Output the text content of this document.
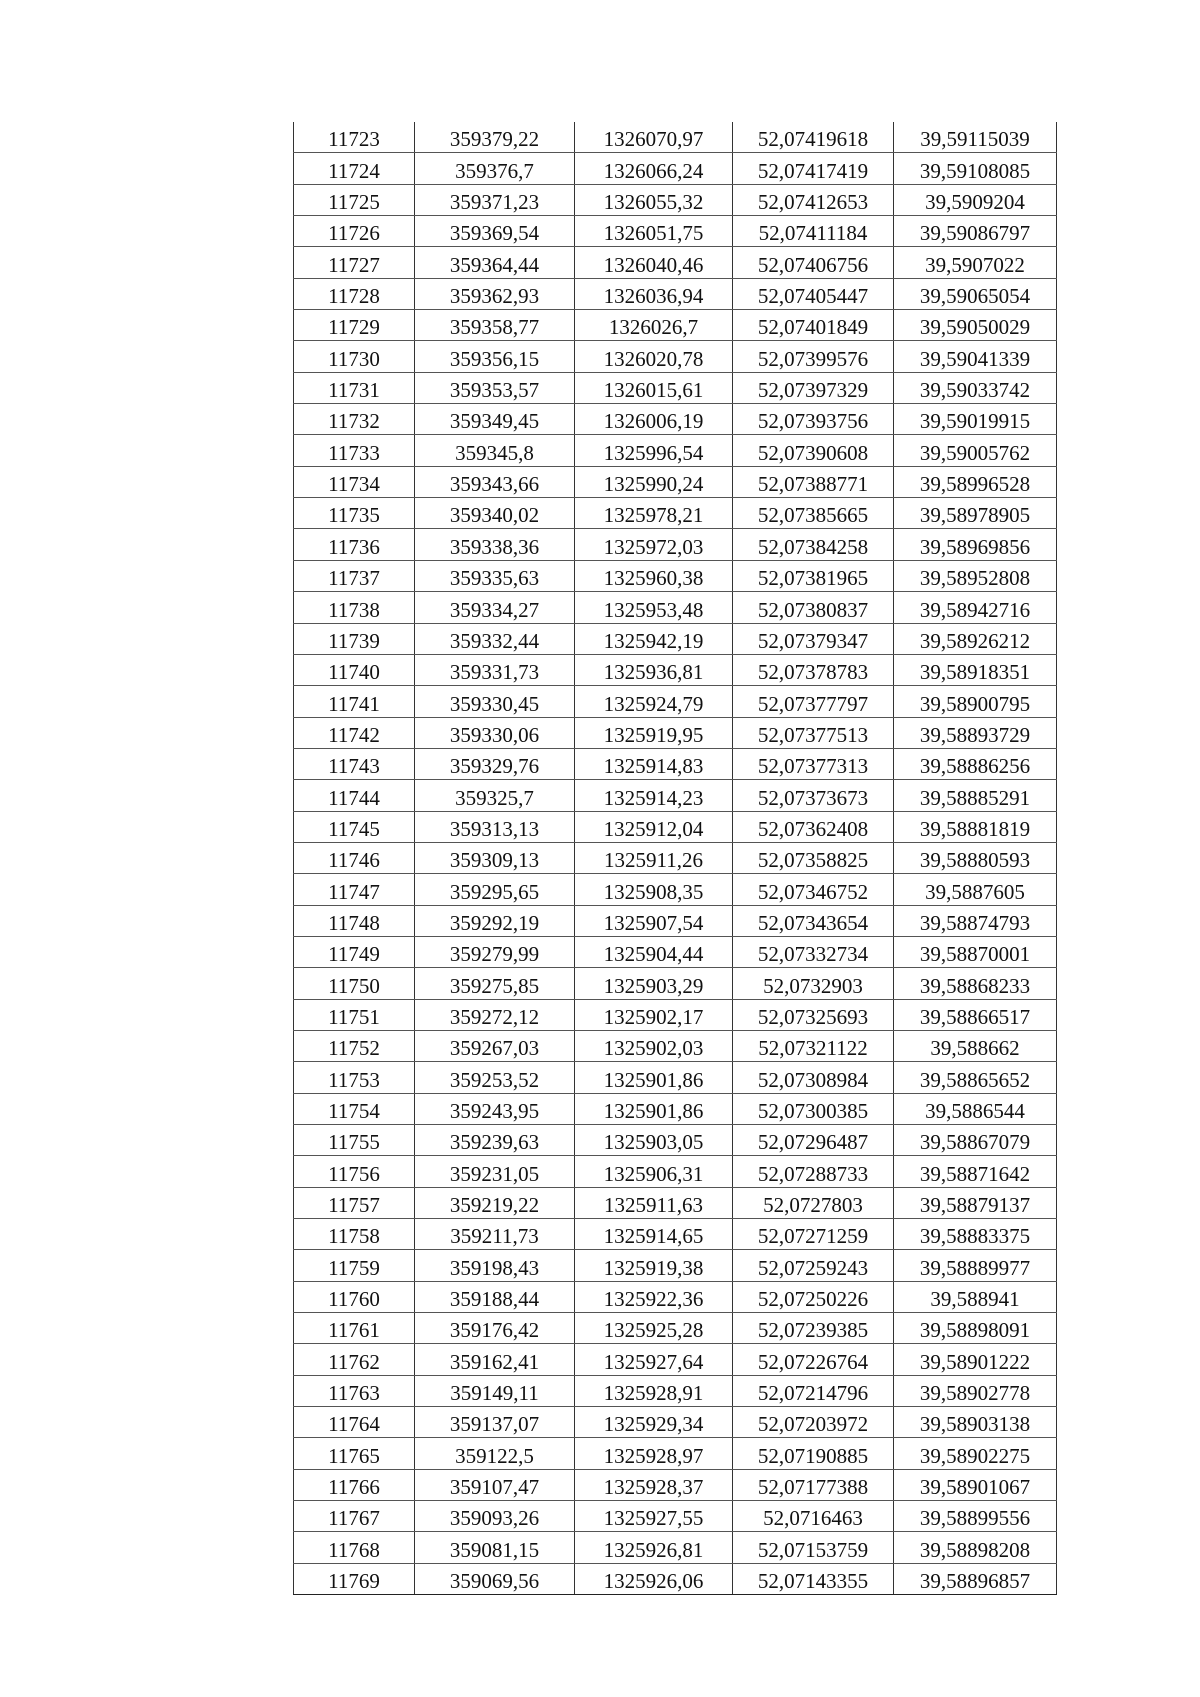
11723	359379,22	1326070,97	52,07419618	39,59115039
11724	359376,7	1326066,24	52,07417419	39,59108085
11725	359371,23	1326055,32	52,07412653	39,5909204
11726	359369,54	1326051,75	52,07411184	39,59086797
11727	359364,44	1326040,46	52,07406756	39,5907022
11728	359362,93	1326036,94	52,07405447	39,59065054
11729	359358,77	1326026,7	52,07401849	39,59050029
11730	359356,15	1326020,78	52,07399576	39,59041339
11731	359353,57	1326015,61	52,07397329	39,59033742
11732	359349,45	1326006,19	52,07393756	39,59019915
11733	359345,8	1325996,54	52,07390608	39,59005762
11734	359343,66	1325990,24	52,07388771	39,58996528
11735	359340,02	1325978,21	52,07385665	39,58978905
11736	359338,36	1325972,03	52,07384258	39,58969856
11737	359335,63	1325960,38	52,07381965	39,58952808
11738	359334,27	1325953,48	52,07380837	39,58942716
11739	359332,44	1325942,19	52,07379347	39,58926212
11740	359331,73	1325936,81	52,07378783	39,58918351
11741	359330,45	1325924,79	52,07377797	39,58900795
11742	359330,06	1325919,95	52,07377513	39,58893729
11743	359329,76	1325914,83	52,07377313	39,58886256
11744	359325,7	1325914,23	52,07373673	39,58885291
11745	359313,13	1325912,04	52,07362408	39,58881819
11746	359309,13	1325911,26	52,07358825	39,58880593
11747	359295,65	1325908,35	52,07346752	39,5887605
11748	359292,19	1325907,54	52,07343654	39,58874793
11749	359279,99	1325904,44	52,07332734	39,58870001
11750	359275,85	1325903,29	52,0732903	39,58868233
11751	359272,12	1325902,17	52,07325693	39,58866517
11752	359267,03	1325902,03	52,07321122	39,588662
11753	359253,52	1325901,86	52,07308984	39,58865652
11754	359243,95	1325901,86	52,07300385	39,5886544
11755	359239,63	1325903,05	52,07296487	39,58867079
11756	359231,05	1325906,31	52,07288733	39,58871642
11757	359219,22	1325911,63	52,0727803	39,58879137
11758	359211,73	1325914,65	52,07271259	39,58883375
11759	359198,43	1325919,38	52,07259243	39,58889977
11760	359188,44	1325922,36	52,07250226	39,588941
11761	359176,42	1325925,28	52,07239385	39,58898091
11762	359162,41	1325927,64	52,07226764	39,58901222
11763	359149,11	1325928,91	52,07214796	39,58902778
11764	359137,07	1325929,34	52,07203972	39,58903138
11765	359122,5	1325928,97	52,07190885	39,58902275
11766	359107,47	1325928,37	52,07177388	39,58901067
11767	359093,26	1325927,55	52,0716463	39,58899556
11768	359081,15	1325926,81	52,07153759	39,58898208
11769	359069,56	1325926,06	52,07143355	39,58896857
